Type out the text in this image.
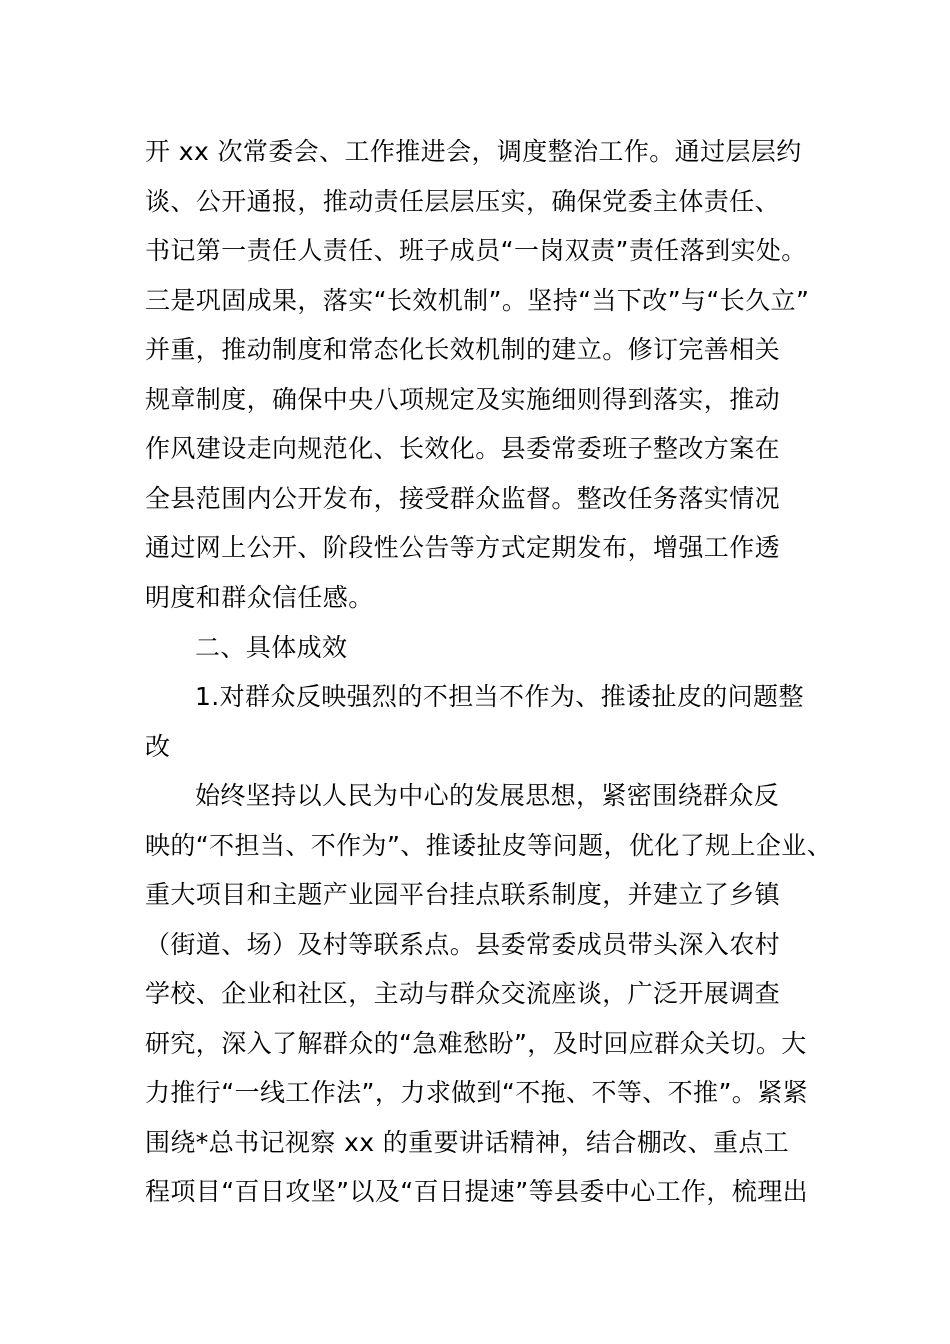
开 xx 次常委会、工作推进会，调度整治工作。通过层层约
谈、公开通报，推动责任层层压实，确保党委主体责任、
书记第一责任人责任、班子成员“一岗双责”责任落到实处。
三是巩固成果，落实“长效机制”。坚持“当下改”与“长久立”
并重，推动制度和常态化长效机制的建立。修订完善相关
规章制度，确保中央八项规定及实施细则得到落实，推动
作风建设走向规范化、长效化。县委常委班子整改方案在
全县范围内公开发布，接受群众监督。整改任务落实情况
通过网上公开、阶段性公告等方式定期发布，增强工作透
明度和群众信任感。
二、具体成效
1.对群众反映强烈的不担当不作为、推诿扯皮的问题整
改
始终坚持以人民为中心的发展思想，紧密围绕群众反
映的“不担当、不作为”、推诿扯皮等问题，优化了规上企业、
重大项目和主题产业园平台挂点联系制度，并建立了乡镇
（街道、场）及村等联系点。县委常委成员带头深入农村
学校、企业和社区，主动与群众交流座谈，广泛开展调查
研究，深入了解群众的“急难愁盼”，及时回应群众关切。大
力推行“一线工作法”，力求做到“不拖、不等、不推”。紧紧
围绕*总书记视察 xx 的重要讲话精神，结合棚改、重点工
程项目“百日攻坚”以及“百日提速”等县委中心工作，梳理出
